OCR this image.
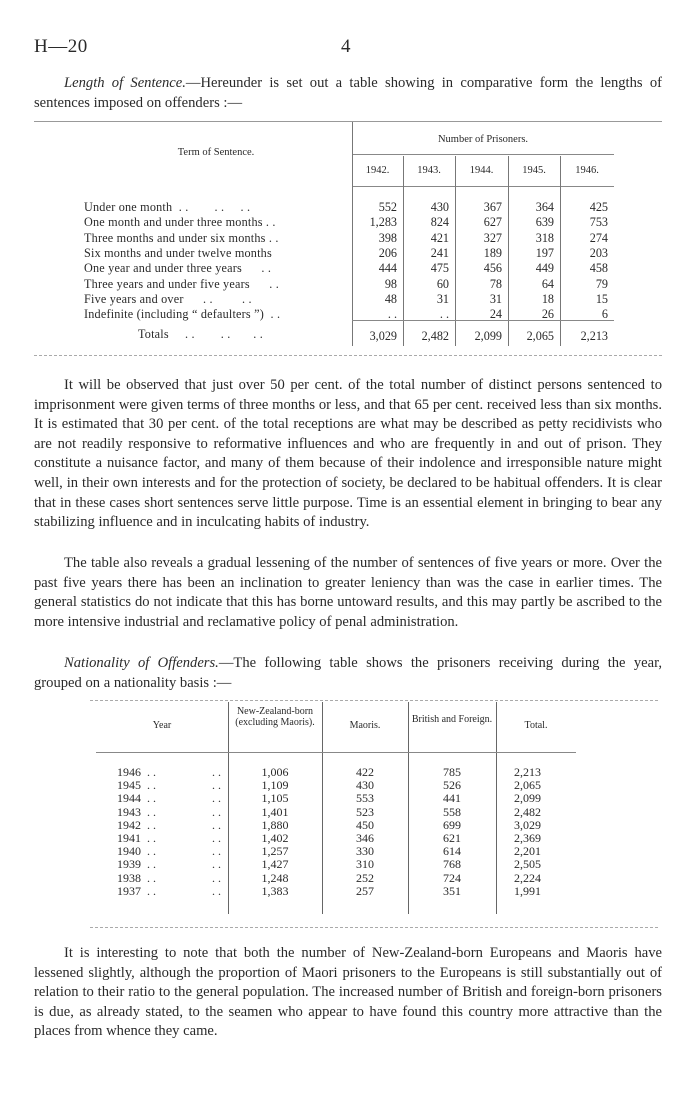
H—20	4
Length of Sentence.—Hereunder is set out a table showing in comparative form the lengths of sentences imposed on offenders :—
Term of Sentence.
Number of Prisoners.
1942.	1943.	1944.	1945.	1946.
Under one month  . .        . .     . .	552	430	367	364	425
One month and under three months . .	1,283	824	627	639	753
Three months and under six months . .	398	421	327	318	274
Six months and under twelve months	206	241	189	197	203
One year and under three years      . .	444	475	456	449	458
Three years and under five years      . .	98	60	78	64	79
Five years and over      . .         . .	48	31	31	18	15
Indefinite (including “ defaulters ”)  . .	. .	. .	24	26	6
Totals     . .        . .       . .	3,029	2,482	2,099	2,065	2,213
It will be observed that just over 50 per cent. of the total number of distinct persons sentenced to imprisonment were given terms of three months or less, and that 65 per cent. received less than six months. It is estimated that 30 per cent. of the total receptions are what may be described as petty recidivists who are not readily responsive to reformative influences and who are frequently in and out of prison. They constitute a nuisance factor, and many of them because of their indolence and irresponsible nature might well, in their own interests and for the protection of society, be declared to be habitual offenders. It is clear that in these cases short sentences serve little purpose. Time is an essential element in bringing to bear any stabilizing influence and in inculcating habits of industry.
The table also reveals a gradual lessening of the number of sentences of five years or more. Over the past five years there has been an inclination to greater leniency than was the case in earlier times. The general statistics do not indicate that this has borne untoward results, and this may partly be ascribed to the more intensive industrial and reclamative policy of penal administration.
Nationality of Offenders.—The following table shows the prisoners receiving during the year, grouped on a nationality basis :—
Year
New-Zealand-born (excluding Maoris).	Maoris.
British and Foreign.
Total.
1946  . .	1,006	422	785	2,213
. .
1945  . .	1,109	430	526	2,065
. .
1944  . .	1,105	553	441	2,099
. .
1943  . .	1,401	523	558	2,482
. .
1942  . .	1,880	450	699	3,029
. .
1941  . .	1,402	346	621	2,369
. .
1940  . .	1,257	330	614	2,201
. .
1939  . .	1,427	310	768	2,505
. .
1938  . .	1,248	252	724	2,224
. .
1937  . .	1,383	257	351	1,991
. .
It is interesting to note that both the number of New-Zealand-born Europeans and Maoris have lessened slightly, although the proportion of Maori prisoners to the Europeans is still substantially out of relation to their ratio to the general population. The increased number of British and foreign-born prisoners is due, as already stated, to the seamen who appear to have found this country more attractive than the places from whence they came.
